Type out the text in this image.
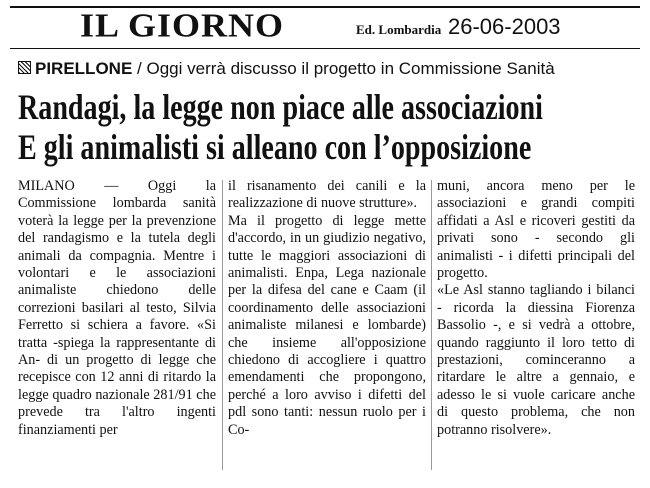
IL GIORNO	Ed. Lombardia 26-06-2003
PIRELLONE / Oggi verrà discusso il progetto in Commissione Sanità
Randagi, la legge non piace alle associazioni
E gli animalisti si alleano con l’opposizione

MILANO — Oggi la Commissione lombarda sanità voterà la legge per la prevenzione del randagismo e la tutela degli animali da compagnia. Mentre i volontari e le associazioni animaliste chiedono delle correzioni basilari al testo, Silvia Ferretto si schiera a favore. «Si tratta -spiega la rappresentante di An- di un progetto di legge che recepisce con 12 anni di ritardo la legge quadro nazionale 281/91 che prevede tra l'altro ingenti finanziamenti per

il risanamento dei canili e la realizzazione di nuove strutture».

Ma il progetto di legge mette d'accordo, in un giudizio negativo, tutte le maggiori associazioni di animalisti. Enpa, Lega nazionale per la difesa del cane e Caam (il coordinamento delle associazioni animaliste milanesi e lombarde) che insieme all'opposizione chiedono di accogliere i quattro emendamenti che propongono, perché a loro avviso i difetti del pdl sono tanti: nessun ruolo per i Co-

muni, ancora meno per le associazioni e grandi compiti affidati a Asl e ricoveri gestiti da privati sono - secondo gli animalisti - i difetti principali del progetto.

«Le Asl stanno tagliando i bilanci - ricorda la diessina Fiorenza Bassolio -, e si vedrà a ottobre, quando raggiunto il loro tetto di prestazioni, cominceranno a ritardare le altre a gennaio, e adesso le si vuole caricare anche di questo problema, che non potranno risolvere».
